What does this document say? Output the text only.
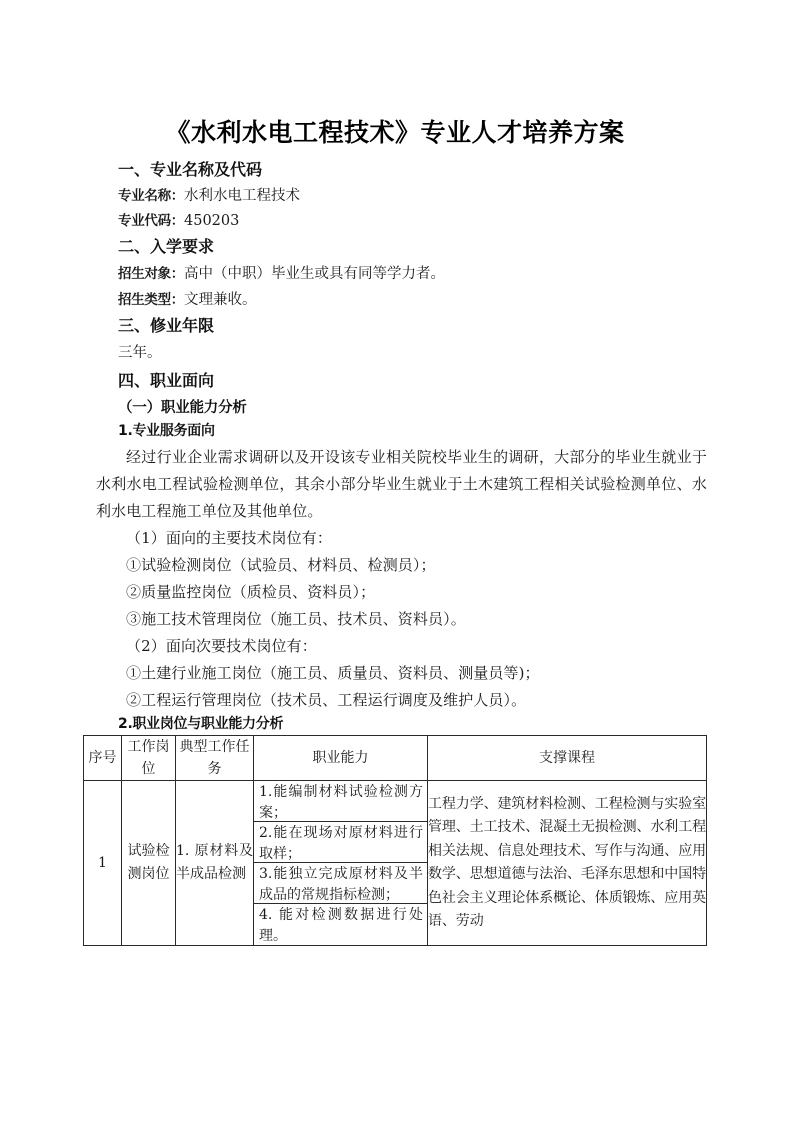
《水利水电工程技术》专业人才培养方案
一、专业名称及代码
专业名称：水利水电工程技术
专业代码：450203
二、入学要求
招生对象：高中（中职）毕业生或具有同等学力者。
招生类型：文理兼收。
三、修业年限
三年。
四、职业面向
（一）职业能力分析
1.专业服务面向
经过行业企业需求调研以及开设该专业相关院校毕业生的调研，大部分的毕业生就业于水利水电工程试验检测单位，其余小部分毕业生就业于土木建筑工程相关试验检测单位、水利水电工程施工单位及其他单位。
（1）面向的主要技术岗位有：
①试验检测岗位（试验员、材料员、检测员）；
②质量监控岗位（质检员、资料员）；
③施工技术管理岗位（施工员、技术员、资料员）。
（2）面向次要技术岗位有：
①土建行业施工岗位（施工员、质量员、资料员、测量员等)；
②工程运行管理岗位（技术员、工程运行调度及维护人员）。
2.职业岗位与职业能力分析
序号	工作岗位	典型工作任务	职业能力	支撑课程
1	试验检测岗位	1. 原材料及半成品检测	1.能编制材料试验检测方案；
2.能在现场对原材料进行取样；
3.能独立完成原材料及半成品的常规指标检测；
4. 能对检测数据进行处理。	工程力学、建筑材料检测、工程检测与实验室管理、土工技术、混凝土无损检测、水利工程相关法规、信息处理技术、写作与沟通、应用数学、思想道德与法治、毛泽东思想和中国特色社会主义理论体系概论、体质锻炼、应用英语、劳动
